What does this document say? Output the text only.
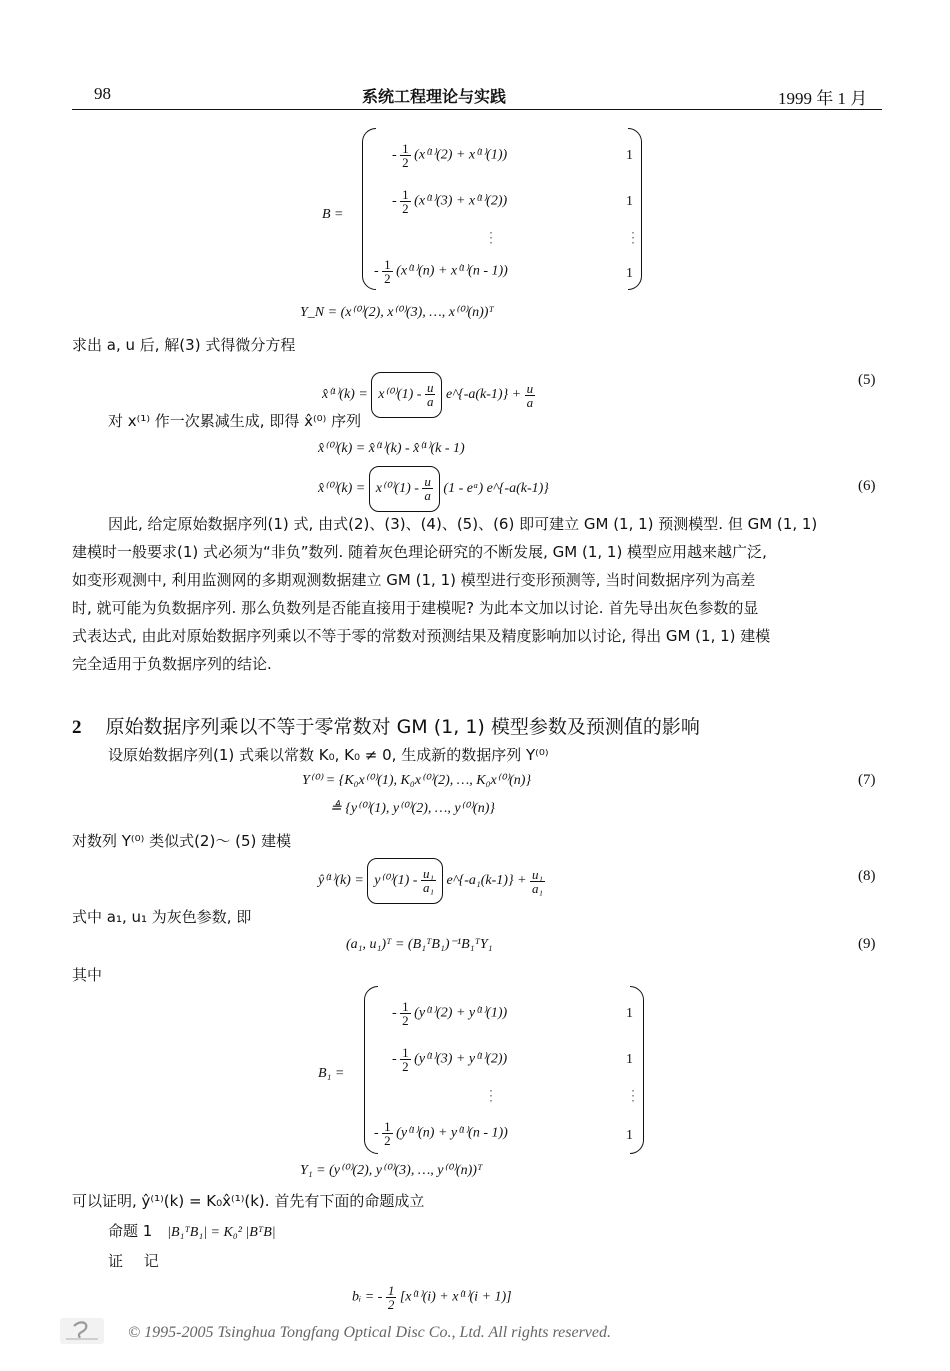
98	系统工程理论与实践	1999 年 1 月
B =
- $\frac{1}{2} (x^{(1)}(2) + x^{(1)}(1))$	1
- $\frac{1}{2} (x^{(1)}(3) + x^{(1)}(2))$	1
⋮	⋮
- $\frac{1}{2} (x^{(1)}(n) + x^{(1)}(n - 1))$	1
Y_N = (x⁽⁰⁾(2), x⁽⁰⁾(3), …, x⁽⁰⁾(n))ᵀ
求出 a, u 后, 解(3) 式得微分方程
x̂⁽¹⁾(k) = $x^{(0)}(1) - \frac{u}{a}$ e^{-a(k-1)} + $\frac{u}{a}$
(5)
对 x⁽¹⁾ 作一次累减生成, 即得 x̂⁽⁰⁾ 序列
x̂⁽⁰⁾(k) = x̂⁽¹⁾(k) - x̂⁽¹⁾(k - 1)
x̂⁽⁰⁾(k) = $x^{(0)}(1) - \frac{u}{a} (1$ - eᵃ) e^{-a(k-1)}	(6)
因此, 给定原始数据序列(1) 式, 由式(2)、(3)、(4)、(5)、(6) 即可建立 GM (1, 1) 预测模型. 但 GM (1, 1)
建模时一般要求(1) 式必须为“非负”数列. 随着灰色理论研究的不断发展, GM (1, 1) 模型应用越来越广泛,
如变形观测中, 利用监测网的多期观测数据建立 GM (1, 1) 模型进行变形预测等, 当时间数据序列为高差
时, 就可能为负数据序列. 那么负数列是否能直接用于建模呢? 为此本文加以讨论. 首先导出灰色参数的显
式表达式, 由此对原始数据序列乘以不等于零的常数对预测结果及精度影响加以讨论, 得出 GM (1, 1) 建模
完全适用于负数据序列的结论.
2 原始数据序列乘以不等于零常数对 GM (1, 1) 模型参数及预测值的影响
设原始数据序列(1) 式乘以常数 K₀, K₀ ≠ 0, 生成新的数据序列 Y⁽⁰⁾
Y⁽⁰⁾ = {K₀x⁽⁰⁾(1), K₀x⁽⁰⁾(2), …, K₀x⁽⁰⁾(n)}	(7)
≜ {y⁽⁰⁾(1), y⁽⁰⁾(2), …, y⁽⁰⁾(n)}
对数列 Y⁽⁰⁾ 类似式(2)～ (5) 建模
ŷ⁽¹⁾(k) = $y^{(0)}(1) - \frac{\text{u₁}}{\text{a₁}}$ e^{-a₁(k-1)} + $\frac{\text{u₁}}{\text{a₁}}$	(8)
式中 a₁, u₁ 为灰色参数, 即
(a₁, u₁)ᵀ = (B₁ᵀB₁)⁻¹B₁ᵀY₁	(9)
其中
B₁ =
- $\frac{1}{2} (y^{(1)}(2) + y^{(1)}(1))$	1
- $\frac{1}{2} (y^{(1)}(3) + y^{(1)}(2))$	1
⋮	⋮
- $\frac{1}{2} (y^{(1)}(n) + y^{(1)}(n - 1))$	1
Y₁ = (y⁽⁰⁾(2), y⁽⁰⁾(3), …, y⁽⁰⁾(n))ᵀ
可以证明, ŷ⁽¹⁾(k) = K₀x̂⁽¹⁾(k). 首先有下面的命题成立
命题 1 |B₁ᵀB₁| = K₀² |BᵀB|
证 记
bᵢ = - $\frac{1}{2} [x^{(1)}(i) + x^{(1)}(i + 1)]$
© 1995-2005 Tsinghua Tongfang Optical Disc Co., Ltd. All rights reserved.
